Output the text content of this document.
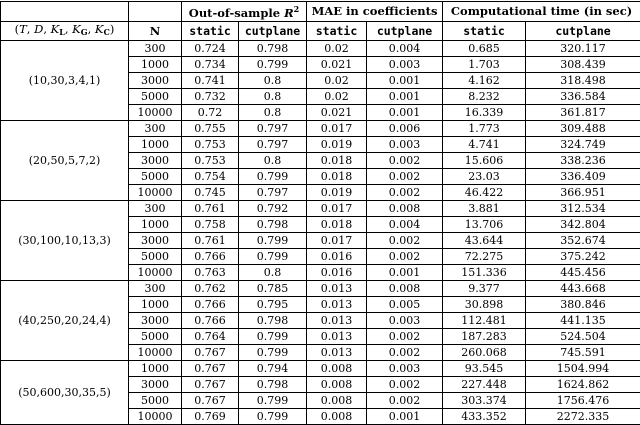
		Out-of-sample $R^2$		MAE in coefficients		Computational time (in sec)	
(T, D, $K_L$, $K_G$, $K_C$)	N	static	cutplane	static	cutplane	static	cutplane
(10,30,3,4,1)	300	0.724	0.798	0.02	0.004	0.685	320.117
	1000	0.734	0.799	0.021	0.003	1.703	308.439
	3000	0.741	0.8	0.02	0.001	4.162	318.498
	5000	0.732	0.8	0.02	0.001	8.232	336.584
	10000	0.72	0.8	0.021	0.001	16.339	361.817
(20,50,5,7,2)	300	0.755	0.797	0.017	0.006	1.773	309.488
	1000	0.753	0.797	0.019	0.003	4.741	324.749
	3000	0.753	0.8	0.018	0.002	15.606	338.236
	5000	0.754	0.799	0.018	0.002	23.03	336.409
	10000	0.745	0.797	0.019	0.002	46.422	366.951
(30,100,10,13,3)	300	0.761	0.792	0.017	0.008	3.881	312.534
	1000	0.758	0.798	0.018	0.004	13.706	342.804
	3000	0.761	0.799	0.017	0.002	43.644	352.674
	5000	0.766	0.799	0.016	0.002	72.275	375.242
	10000	0.763	0.8	0.016	0.001	151.336	445.456
(40,250,20,24,4)	300	0.762	0.785	0.013	0.008	9.377	443.668
	1000	0.766	0.795	0.013	0.005	30.898	380.846
	3000	0.766	0.798	0.013	0.003	112.481	441.135
	5000	0.764	0.799	0.013	0.002	187.283	524.504
	10000	0.767	0.799	0.013	0.002	260.068	745.591
(50,600,30,35,5)	1000	0.767	0.794	0.008	0.003	93.545	1504.994
	3000	0.767	0.798	0.008	0.002	227.448	1624.862
	5000	0.767	0.799	0.008	0.002	303.374	1756.476
	10000	0.769	0.799	0.008	0.001	433.352	2272.335
